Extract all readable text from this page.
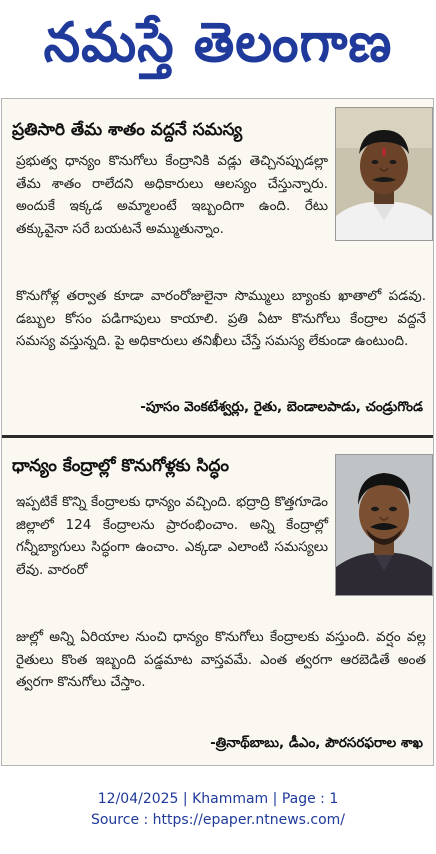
నమస్తే తెలంగాణ
ప్రతిసారి తేమ శాతం వద్దనే సమస్య

ప్రభుత్వ ధాన్యం కొనుగోలు కేంద్రానికి వడ్లు తెచ్చినప్పుడల్లా తేమ శాతం రాలేదని అధికారులు ఆలస్యం చేస్తున్నారు. అందుకే ఇక్కడ అమ్మాలంటే ఇబ్బందిగా ఉంది. రేటు తక్కువైనా సరే బయటనే అమ్ముతున్నాం.

కొనుగోళ్ల తర్వాత కూడా వారంరోజులైనా సొమ్ములు బ్యాంకు ఖాతాలో పడవు. డబ్బుల కోసం పడిగాపులు కాయాలి. ప్రతి ఏటా కొనుగోలు కేంద్రాల వద్దనే సమస్య వస్తున్నది. పై అధికారులు తనిఖీలు చేస్తే సమస్య లేకుండా ఉంటుంది.

-పూసం వెంకటేశ్వర్లు, రైతు, బెండాలపాడు, చండ్రుగొండ
ధాన్యం కేంద్రాల్లో కొనుగోళ్లకు సిద్ధం

ఇప్పటికే కొన్ని కేంద్రాలకు ధాన్యం వచ్చింది. భద్రాద్రి కొత్తగూడెం జిల్లాలో 124 కేంద్రాలను ప్రారంభించాం. అన్ని కేంద్రాల్లో గన్నీబ్యాగులు సిద్ధంగా ఉంచాం. ఎక్కడా ఎలాంటి సమస్యలు లేవు. వారంరో

జుల్లో అన్ని ఏరియాల నుంచి ధాన్యం కొనుగోలు కేంద్రాలకు వస్తుంది. వర్షం వల్ల రైతులు కొంత ఇబ్బంది పడ్డమాట వాస్తవమే. ఎంత త్వరగా ఆరబెడితే అంత త్వరగా కొనుగోలు చేస్తాం.

-త్రినాథ్‌బాబు, డీఎం, పౌరసరఫరాల శాఖ
12/04/2025 | Khammam | Page : 1
Source : https://epaper.ntnews.com/
